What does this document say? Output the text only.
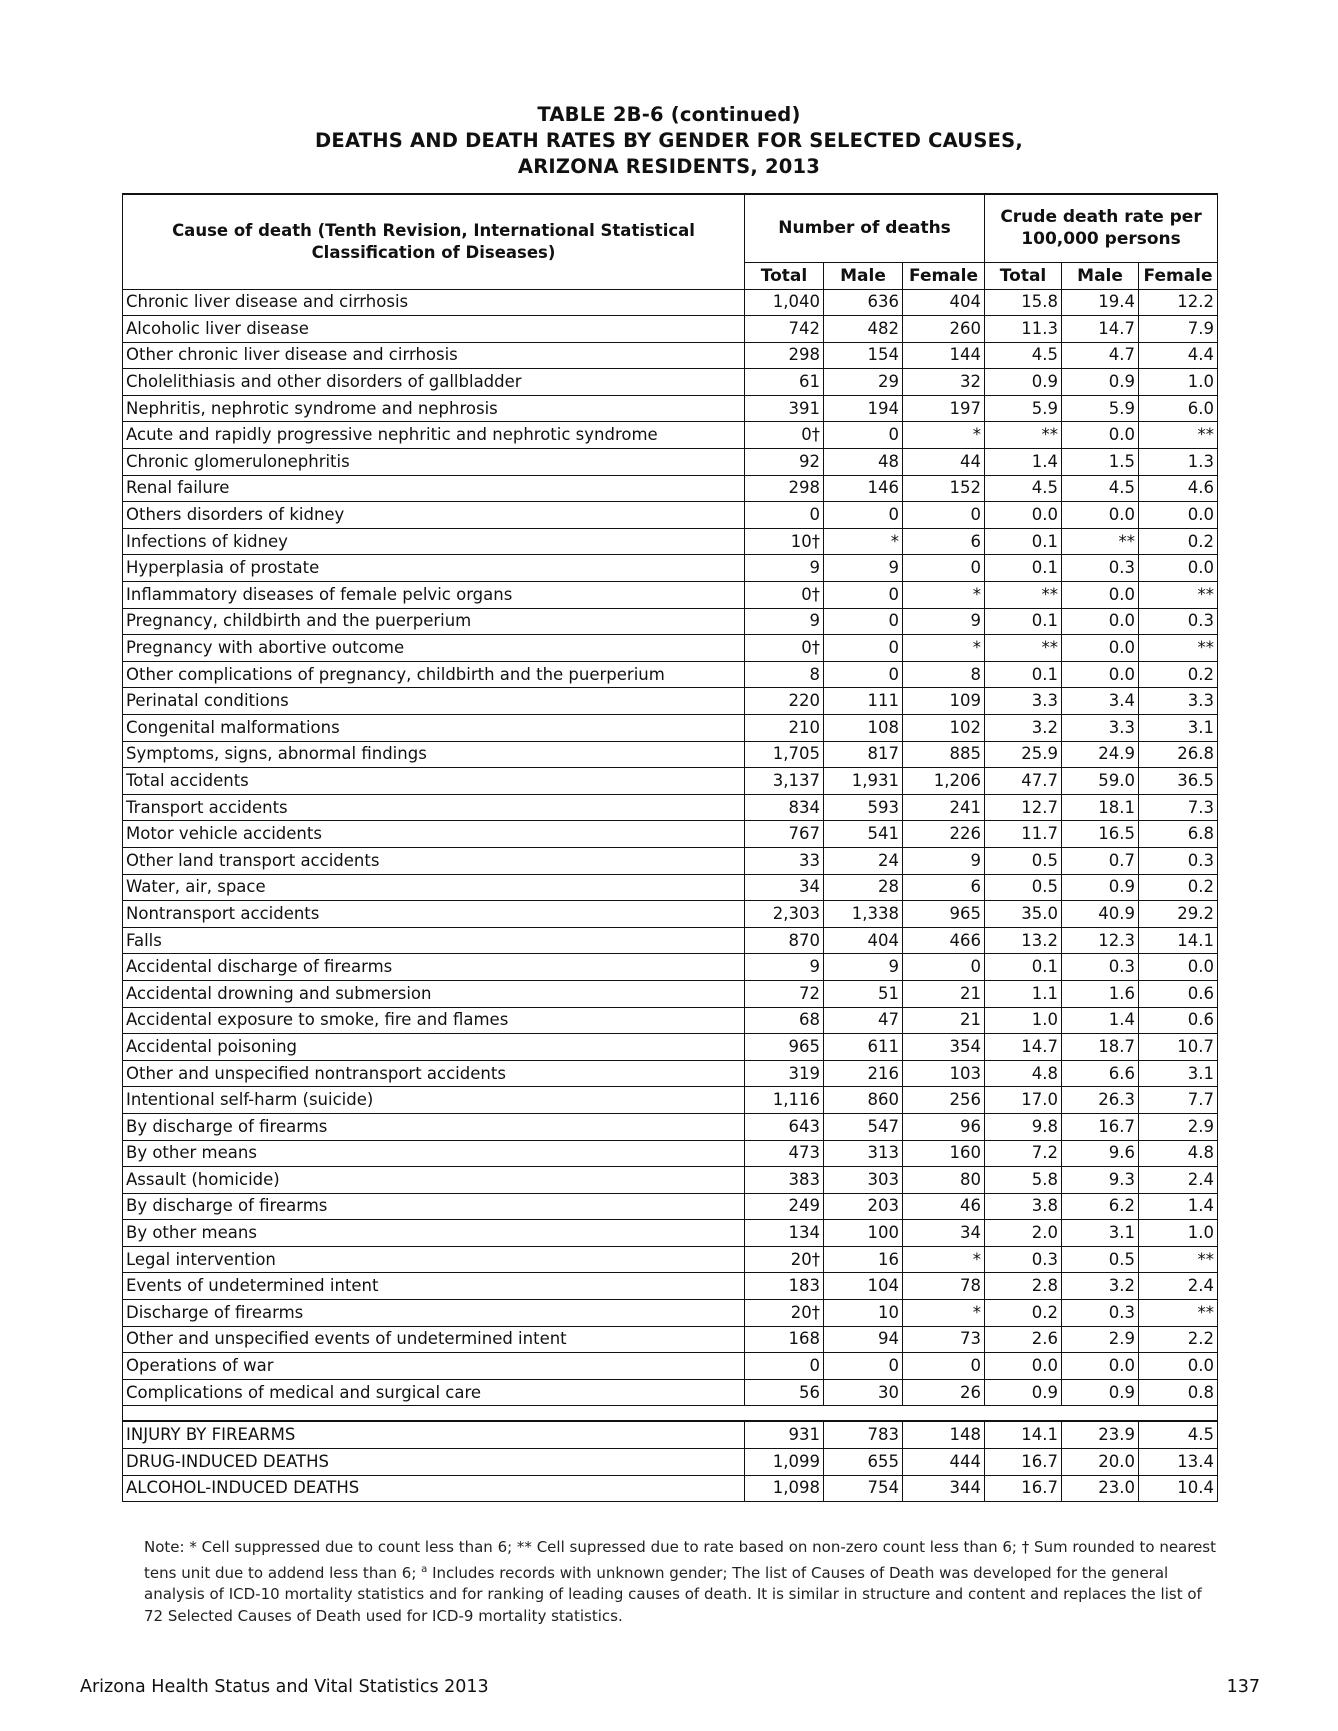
TABLE 2B-6 (continued)
DEATHS AND DEATH RATES BY GENDER FOR SELECTED CAUSES,
ARIZONA RESIDENTS, 2013
Cause of death (Tenth Revision, International Statistical Classification of Diseases)	Number of deaths			Crude death rate per 100,000 persons		
	Total	Male	Female	Total	Male	Female
Chronic liver disease and cirrhosis	1,040	636	404	15.8	19.4	12.2
Alcoholic liver disease	742	482	260	11.3	14.7	7.9
Other chronic liver disease and cirrhosis	298	154	144	4.5	4.7	4.4
Cholelithiasis and other disorders of gallbladder	61	29	32	0.9	0.9	1.0
Nephritis, nephrotic syndrome and nephrosis	391	194	197	5.9	5.9	6.0
Acute and rapidly progressive nephritic and nephrotic syndrome	0†	0	*	**	0.0	**
Chronic glomerulonephritis	92	48	44	1.4	1.5	1.3
Renal failure	298	146	152	4.5	4.5	4.6
Others disorders of kidney	0	0	0	0.0	0.0	0.0
Infections of kidney	10†	*	6	0.1	**	0.2
Hyperplasia of prostate	9	9	0	0.1	0.3	0.0
Inflammatory diseases of female pelvic organs	0†	0	*	**	0.0	**
Pregnancy, childbirth and the puerperium	9	0	9	0.1	0.0	0.3
Pregnancy with abortive outcome	0†	0	*	**	0.0	**
Other complications of pregnancy, childbirth and the puerperium	8	0	8	0.1	0.0	0.2
Perinatal conditions	220	111	109	3.3	3.4	3.3
Congenital malformations	210	108	102	3.2	3.3	3.1
Symptoms, signs, abnormal findings	1,705	817	885	25.9	24.9	26.8
Total accidents	3,137	1,931	1,206	47.7	59.0	36.5
Transport accidents	834	593	241	12.7	18.1	7.3
Motor vehicle accidents	767	541	226	11.7	16.5	6.8
Other land transport accidents	33	24	9	0.5	0.7	0.3
Water, air, space	34	28	6	0.5	0.9	0.2
Nontransport accidents	2,303	1,338	965	35.0	40.9	29.2
Falls	870	404	466	13.2	12.3	14.1
Accidental discharge of firearms	9	9	0	0.1	0.3	0.0
Accidental drowning and submersion	72	51	21	1.1	1.6	0.6
Accidental exposure to smoke, fire and flames	68	47	21	1.0	1.4	0.6
Accidental poisoning	965	611	354	14.7	18.7	10.7
Other and unspecified nontransport accidents	319	216	103	4.8	6.6	3.1
Intentional self-harm (suicide)	1,116	860	256	17.0	26.3	7.7
By discharge of firearms	643	547	96	9.8	16.7	2.9
By other means	473	313	160	7.2	9.6	4.8
Assault (homicide)	383	303	80	5.8	9.3	2.4
By discharge of firearms	249	203	46	3.8	6.2	1.4
By other means	134	100	34	2.0	3.1	1.0
Legal intervention	20†	16	*	0.3	0.5	**
Events of undetermined intent	183	104	78	2.8	3.2	2.4
Discharge of firearms	20†	10	*	0.2	0.3	**
Other and unspecified events of undetermined intent	168	94	73	2.6	2.9	2.2
Operations of war	0	0	0	0.0	0.0	0.0
Complications of medical and surgical care	56	30	26	0.9	0.9	0.8

INJURY BY FIREARMS	931	783	148	14.1	23.9	4.5
DRUG-INDUCED DEATHS	1,099	655	444	16.7	20.0	13.4
ALCOHOL-INDUCED DEATHS	1,098	754	344	16.7	23.0	10.4
Note: * Cell suppressed due to count less than 6; ** Cell supressed due to rate based on non-zero count less than 6; † Sum rounded to nearest tens unit due to addend less than 6; $^a$ Includes records with unknown gender; The list of Causes of Death was developed for the general analysis of ICD-10 mortality statistics and for ranking of leading causes of death. It is similar in structure and content and replaces the list of 72 Selected Causes of Death used for ICD-9 mortality statistics.
Arizona Health Status and Vital Statistics 2013	137
